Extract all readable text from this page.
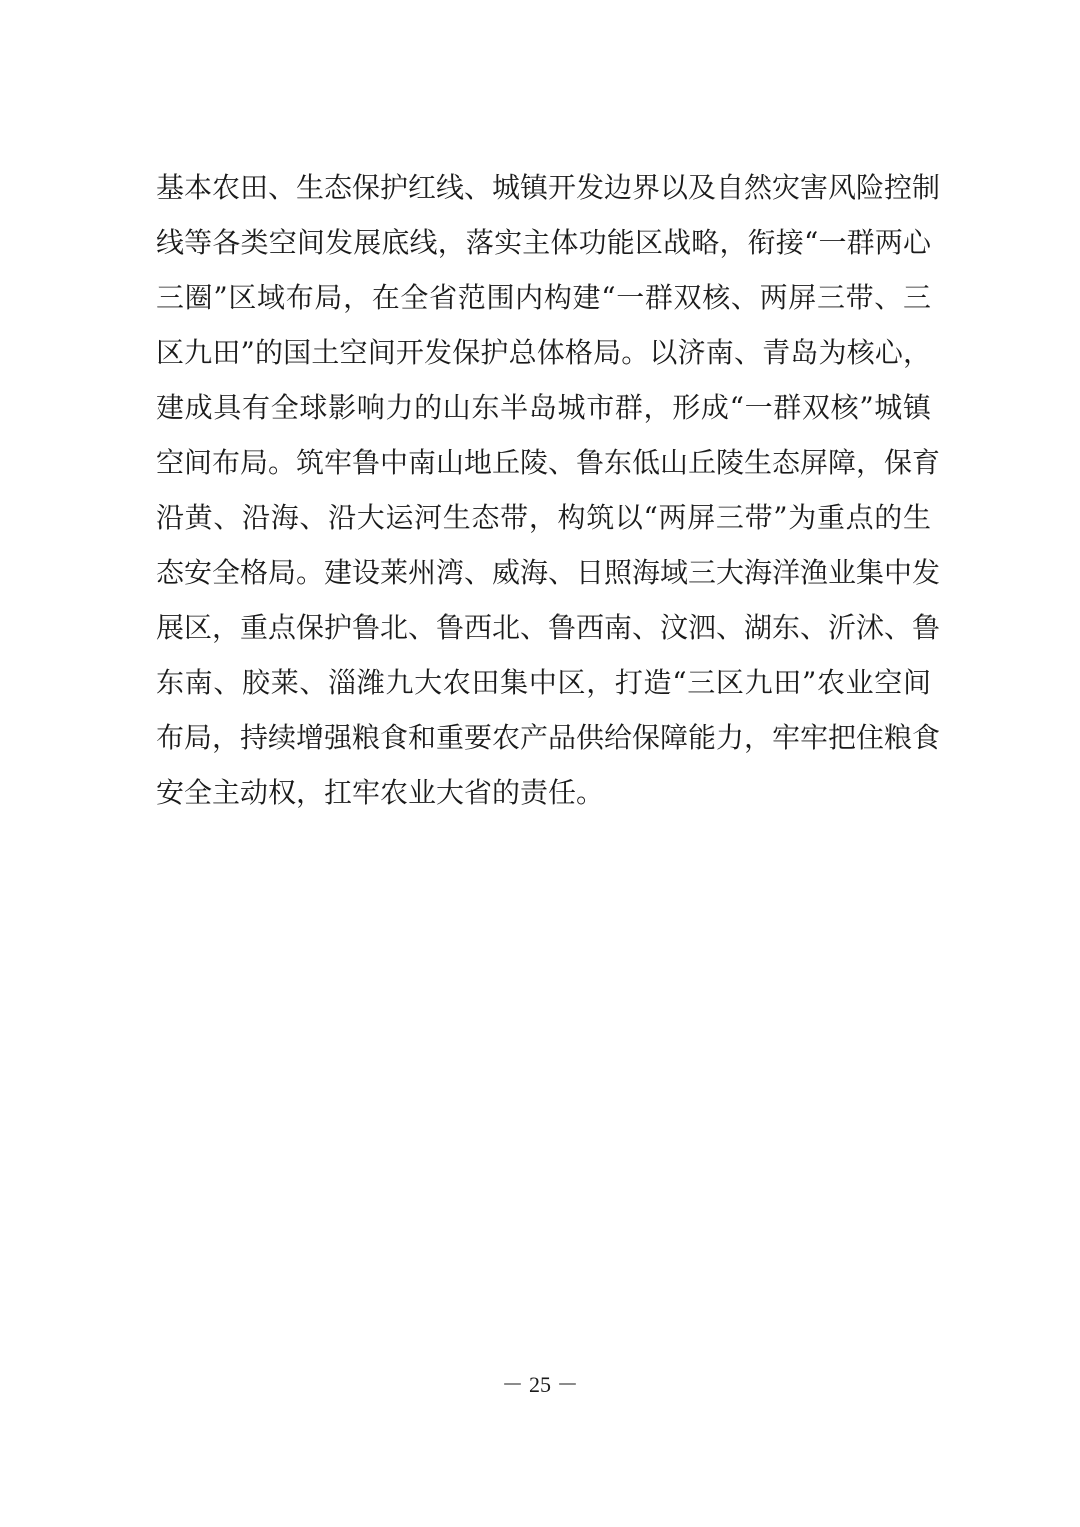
基本农田、生态保护红线、城镇开发边界以及自然灾害风险控制
线等各类空间发展底线，落实主体功能区战略，衔接“一群两心
三圈”区域布局，在全省范围内构建“一群双核、两屏三带、三
区九田”的国土空间开发保护总体格局。以济南、青岛为核心，
建成具有全球影响力的山东半岛城市群，形成“一群双核”城镇
空间布局。筑牢鲁中南山地丘陵、鲁东低山丘陵生态屏障，保育
沿黄、沿海、沿大运河生态带，构筑以“两屏三带”为重点的生
态安全格局。建设莱州湾、威海、日照海域三大海洋渔业集中发
展区，重点保护鲁北、鲁西北、鲁西南、汶泗、湖东、沂沭、鲁
东南、胶莱、淄潍九大农田集中区，打造“三区九田”农业空间
布局，持续增强粮食和重要农产品供给保障能力，牢牢把住粮食
安全主动权，扛牢农业大省的责任。
－ 25 －
